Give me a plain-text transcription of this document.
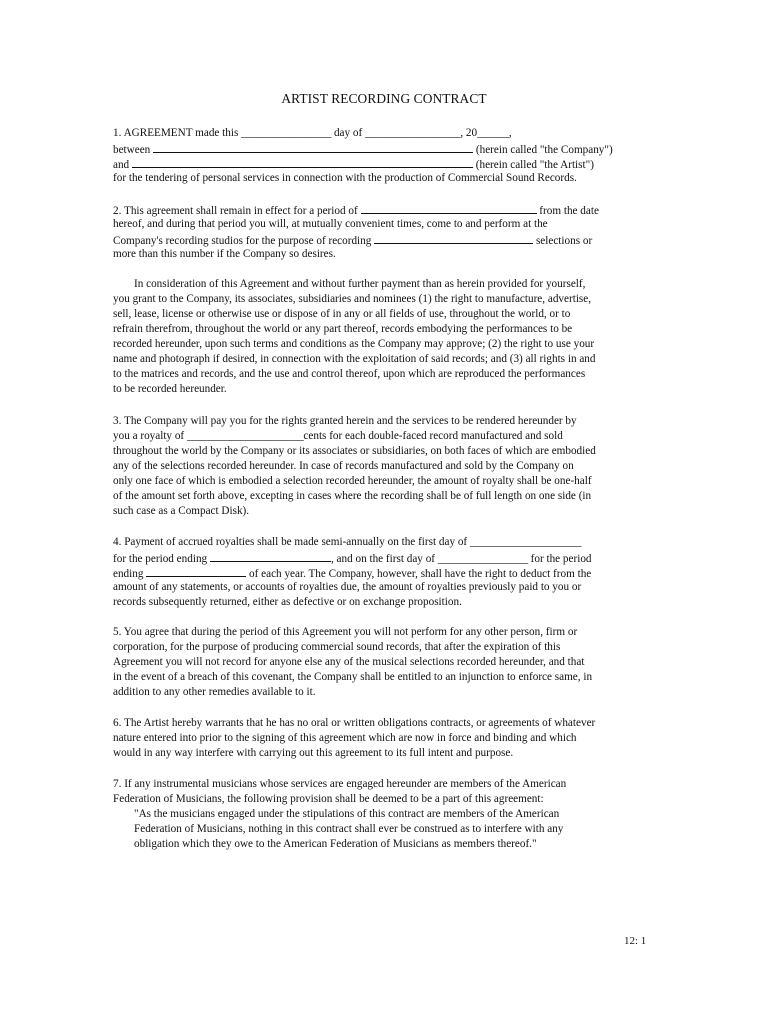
ARTIST RECORDING CONTRACT
1. AGREEMENT made this _________________ day of __________________, 20______,
between	(herein called "the Company")
and	(herein called "the Artist")
for the tendering of personal services in connection with the production of Commercial Sound Records.
2. This agreement shall remain in effect for a period of	from the date
hereof, and during that period you will, at mutually convenient times, come to and perform at the
Company's recording studios for the purpose of recording	selections or
more than this number if the Company so desires.
In consideration of this Agreement and without further payment than as herein provided for yourself,
you grant to the Company, its associates, subsidiaries and nominees (1) the right to manufacture, advertise,
sell, lease, license or otherwise use or dispose of in any or all fields of use, throughout the world, or to
refrain therefrom, throughout the world or any part thereof, records embodying the performances to be
recorded hereunder, upon such terms and conditions as the Company may approve; (2) the right to use your
name and photograph if desired, in connection with the exploitation of said records; and (3) all rights in and
to the matrices and records, and the use and control thereof, upon which are reproduced the performances
to be recorded hereunder.
3. The Company will pay you for the rights granted herein and the services to be rendered hereunder by
you a royalty of ______________________cents for each double-faced record manufactured and sold
throughout the world by the Company or its associates or subsidiaries, on both faces of which are embodied
any of the selections recorded hereunder. In case of records manufactured and sold by the Company on
only one face of which is embodied a selection recorded hereunder, the amount of royalty shall be one-half
of the amount set forth above, excepting in cases where the recording shall be of full length on one side (in
such case as a Compact Disk).
4. Payment of accrued royalties shall be made semi-annually on the first day of _____________________
for the period ending	, and on the first day of _________________ for the period
ending	of each year. The Company, however, shall have the right to deduct from the
amount of any statements, or accounts of royalties due, the amount of royalties previously paid to you or
records subsequently returned, either as defective or on exchange proposition.
5. You agree that during the period of this Agreement you will not perform for any other person, firm or
corporation, for the purpose of producing commercial sound records, that after the expiration of this
Agreement you will not record for anyone else any of the musical selections recorded hereunder, and that
in the event of a breach of this covenant, the Company shall be entitled to an injunction to enforce same, in
addition to any other remedies available to it.
6. The Artist hereby warrants that he has no oral or written obligations contracts, or agreements of whatever
nature entered into prior to the signing of this agreement which are now in force and binding and which
would in any way interfere with carrying out this agreement to its full intent and purpose.
7. If any instrumental musicians whose services are engaged hereunder are members of the American
Federation of Musicians, the following provision shall be deemed to be a part of this agreement:
"As the musicians engaged under the stipulations of this contract are members of the American
Federation of Musicians, nothing in this contract shall ever be construed as to interfere with any
obligation which they owe to the American Federation of Musicians as members thereof."
12: 1
